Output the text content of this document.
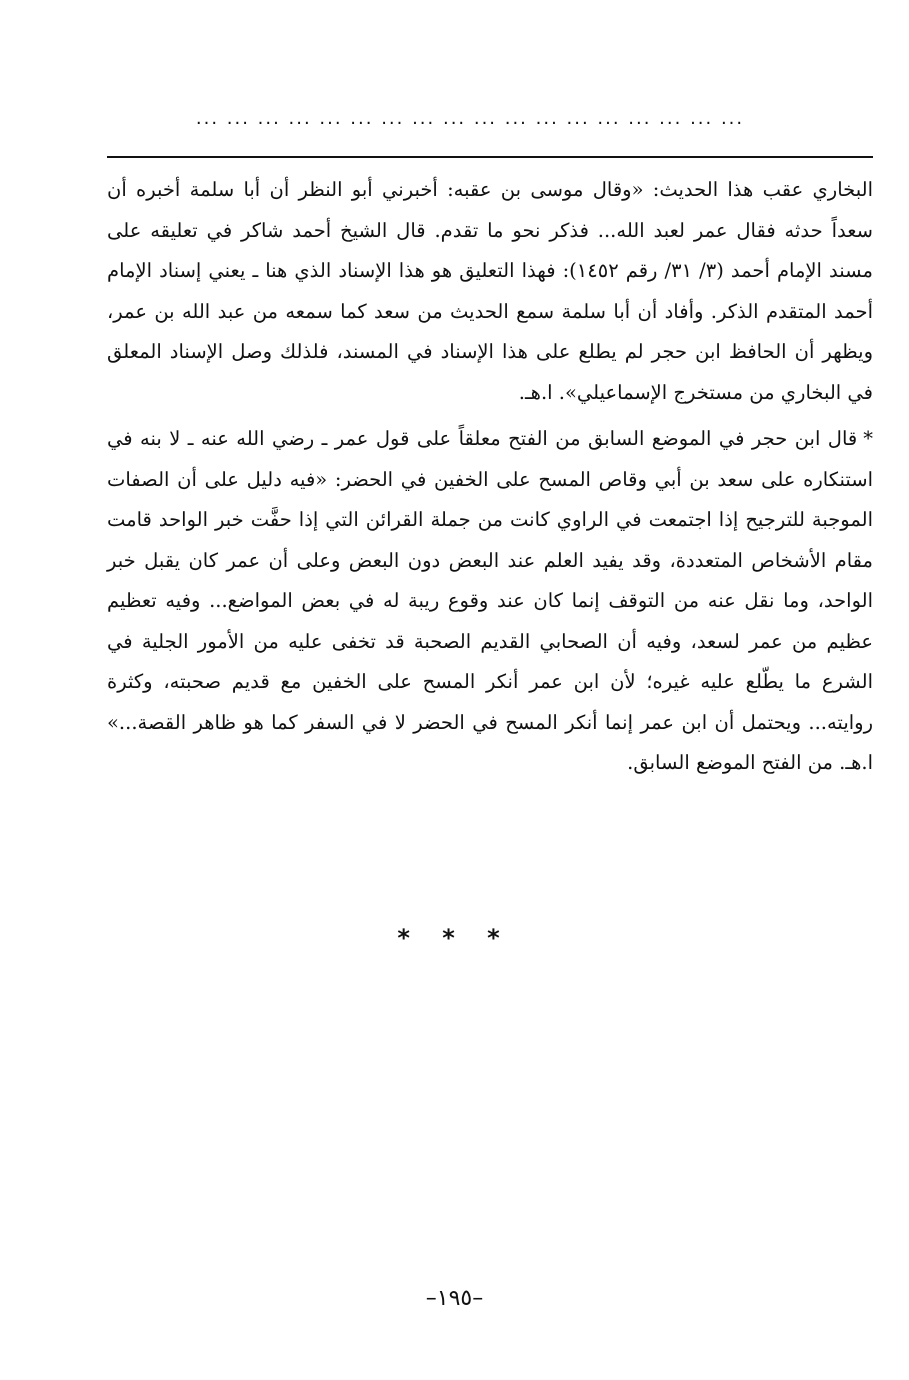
... ... ... ... ... ... ... ... ... ... ... ... ... ... ... ... ... ...

البخاري عقب هذا الحديث: «وقال موسى بن عقبه: أخبرني أبو النظر أن أبا سلمة أخبره أن سعداً حدثه فقال عمر لعبد الله... فذكر نحو ما تقدم. قال الشيخ أحمد شاكر في تعليقه على مسند الإمام أحمد (٣/ ٣١/ رقم ١٤٥٢): فهذا التعليق هو هذا الإسناد الذي هنا ـ يعني إسناد الإمام أحمد المتقدم الذكر. وأفاد أن أبا سلمة سمع الحديث من سعد كما سمعه من عبد الله بن عمر، ويظهر أن الحافظ ابن حجر لم يطلع على هذا الإسناد في المسند، فلذلك وصل الإسناد المعلق في البخاري من مستخرج الإسماعيلي». ا.هـ.

*قال ابن حجر في الموضع السابق من الفتح معلقاً على قول عمر ـ رضي الله عنه ـ لا بنه في استنكاره على سعد بن أبي وقاص المسح على الخفين في الحضر: «فيه دليل على أن الصفات الموجبة للترجيح إذا اجتمعت في الراوي كانت من جملة القرائن التي إذا حفَّت خبر الواحد قامت مقام الأشخاص المتعددة، وقد يفيد العلم عند البعض دون البعض وعلى أن عمر كان يقبل خبر الواحد، وما نقل عنه من التوقف إنما كان عند وقوع ريبة له في بعض المواضع... وفيه تعظيم عظيم من عمر لسعد، وفيه أن الصحابي القديم الصحبة قد تخفى عليه من الأمور الجلية في الشرع ما يطّلع عليه غيره؛ لأن ابن عمر أنكر المسح على الخفين مع قديم صحبته، وكثرة روايته... ويحتمل أن ابن عمر إنما أنكر المسح في الحضر لا في السفر كما هو ظاهر القصة...» ا.هـ. من الفتح الموضع السابق.

* * *
–١٩٥–
